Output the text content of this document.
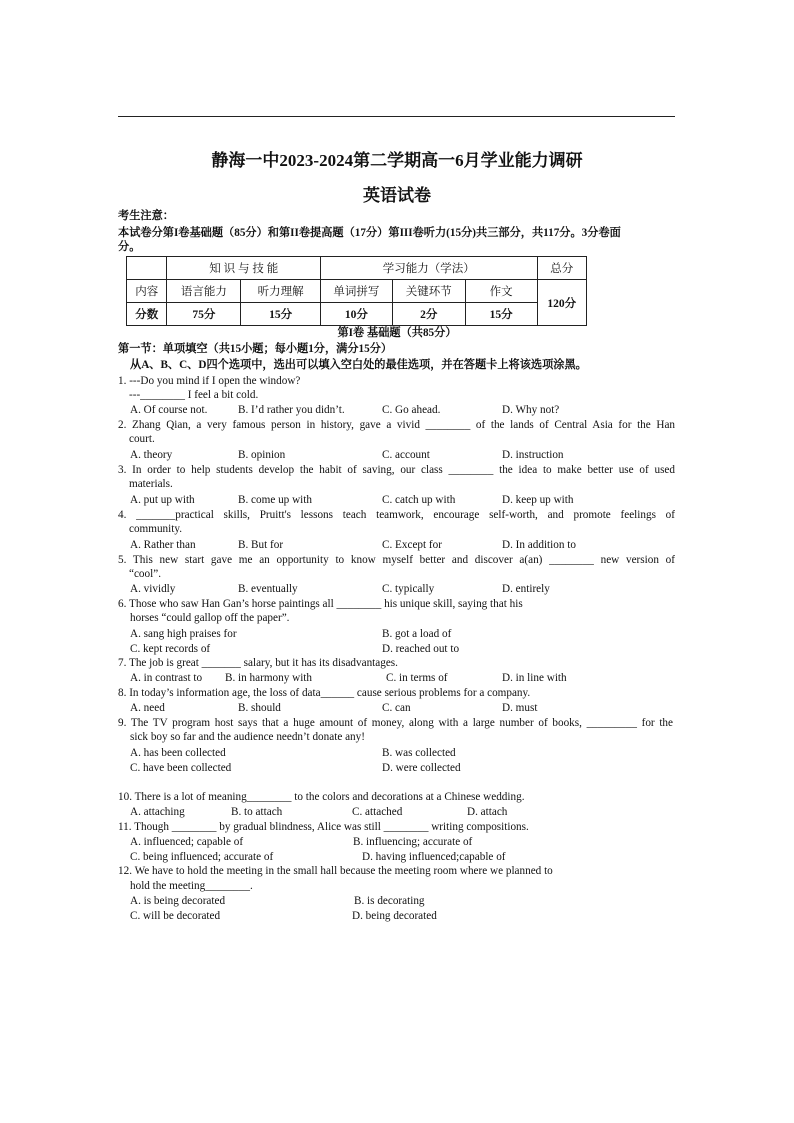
静海一中2023-2024第二学期高一6月学业能力调研
英语试卷
考生注意：
本试卷分第I卷基础题（85分）和第II卷提高题（17分）第III卷听力(15分)共三部分，共117分。3分卷面
分。
	知 识 与 技 能		学习能力（学法）			总分
内容	语言能力	听力理解	单词拼写	关键环节	作文	120分
分数	75分	15分	10分	2分	15分	
第I卷 基础题（共85分）
第一节：单项填空（共15小题；每小题1分，满分15分）
从A、B、C、D四个选项中，选出可以填入空白处的最佳选项，并在答题卡上将该选项涂黑。
1. ---Do you mind if I open the window?
---________ I feel a bit cold.
A. Of course not.	B. I’d rather you didn’t.	C. Go ahead.	D. Why not?
2. Zhang Qian, a very famous person in history, gave a vivid ________ of the lands of Central Asia for the Han
court.
A. theory	B. opinion	C. account	D. instruction
3. In order to help students develop the habit of saving, our class ________ the idea to make better use of used
materials.
A. put up with	B. come up with	C. catch up with	D. keep up with
4. _______practical skills, Pruitt's lessons teach teamwork, encourage self-worth, and promote feelings of
community.
A. Rather than	B. But for	C. Except for	D. In addition to
5. This new start gave me an opportunity to know myself better and discover a(an) ________ new version of
“cool”.
A. vividly	B. eventually	C. typically	D. entirely
6. Those who saw Han Gan’s horse paintings all ________ his unique skill, saying that his
horses “could gallop off the paper”.
A. sang high praises for	B. got a load of
C. kept records of	D. reached out to
7. The job is great _______ salary, but it has its disadvantages.
A. in contrast to B. in harmony with	C. in terms of	D. in line with
8. In today’s information age, the loss of data______ cause serious problems for a company.
A. need	B. should	C. can	D. must
9. The TV program host says that a huge amount of money, along with a large number of books, _________ for the
sick boy so far and the audience needn’t donate any!
A. has been collected	B. was collected
C. have been collected	D. were collected
10. There is a lot of meaning________ to the colors and decorations at a Chinese wedding.
A. attaching	B. to attach	C. attached	D. attach
11. Though ________ by gradual blindness, Alice was still ________ writing compositions.
A. influenced; capable of	B. influencing; accurate of
C. being influenced; accurate of	D. having influenced;capable of
12. We have to hold the meeting in the small hall because the meeting room where we planned to
hold the meeting________.
A. is being decorated	B. is decorating
C. will be decorated	D. being decorated
